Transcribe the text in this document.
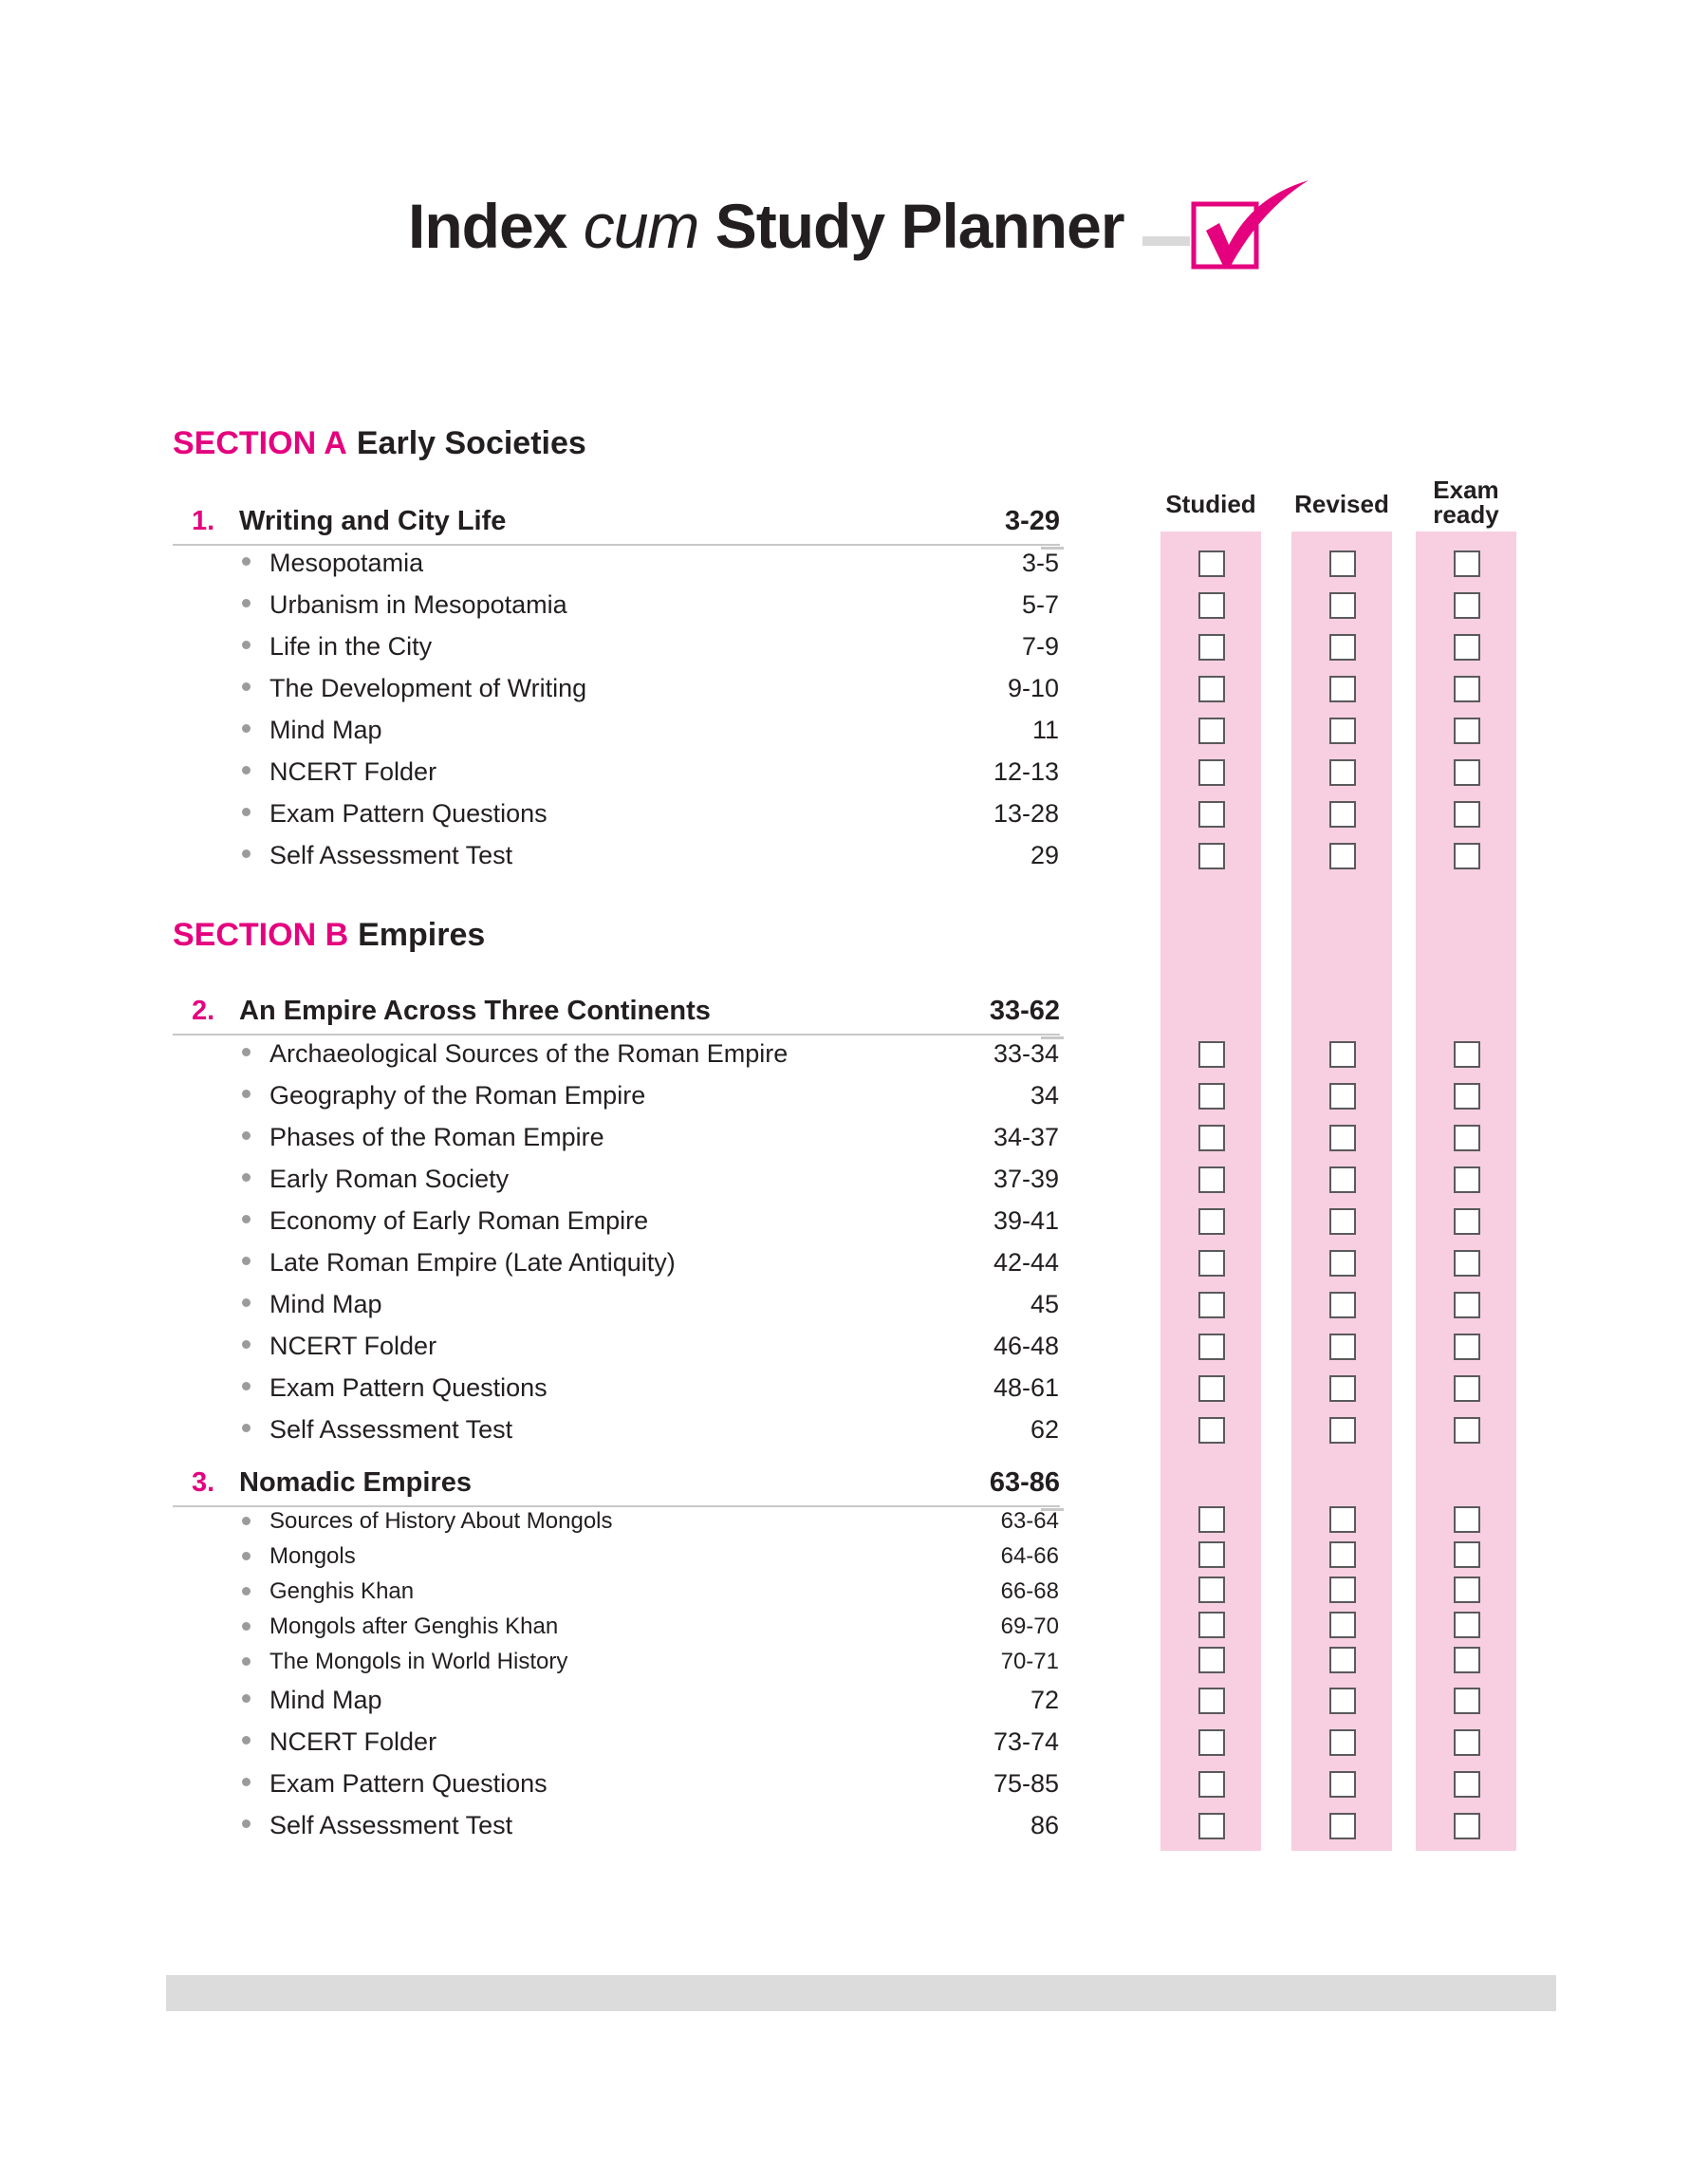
Index cum Study Planner
SECTION A Early Societies
SECTION B Empires
Studied Revised	Exam
ready
1. Writing and City Life	3-29
Mesopotamia	3-5
Urbanism in Mesopotamia	5-7
Life in the City	7-9
The Development of Writing	9-10
Mind Map	11
NCERT Folder	12-13
Exam Pattern Questions	13-28
Self Assessment Test	29
2. An Empire Across Three Continents	33-62
Archaeological Sources of the Roman Empire	33-34
Geography of the Roman Empire	34
Phases of the Roman Empire	34-37
Early Roman Society	37-39
Economy of Early Roman Empire	39-41
Late Roman Empire (Late Antiquity)	42-44
Mind Map	45
NCERT Folder	46-48
Exam Pattern Questions	48-61
Self Assessment Test	62
3. Nomadic Empires	63-86
Sources of History About Mongols	63-64
Mongols	64-66
Genghis Khan	66-68
Mongols after Genghis Khan	69-70
The Mongols in World History	70-71
Mind Map	72
NCERT Folder	73-74
Exam Pattern Questions	75-85
Self Assessment Test	86
